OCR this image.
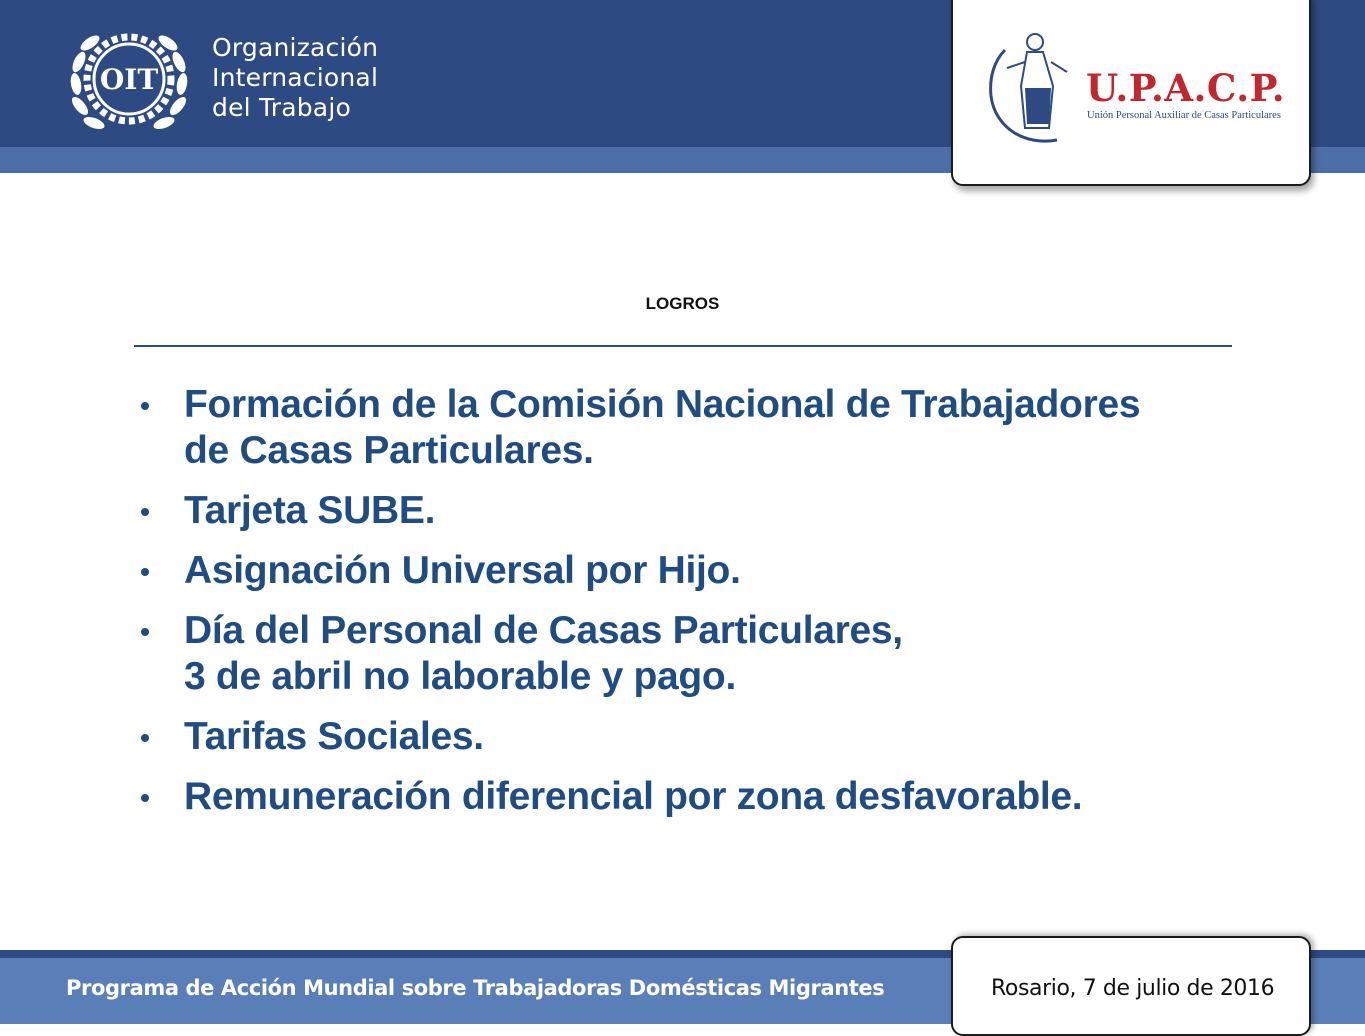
OIT
Organización
Internacional
del Trabajo	U.P.A.C.P.
Unión Personal Auxiliar de Casas Particulares
LOGROS
Formación de la Comisión Nacional de Trabajadores
de Casas Particulares.
Tarjeta SUBE.
Asignación Universal por Hijo.
Día del Personal de Casas Particulares,
3 de abril no laborable y pago.
Tarifas Sociales.
Remuneración diferencial por zona desfavorable.
Programa de Acción Mundial sobre Trabajadoras Domésticas Migrantes	Rosario, 7 de julio de 2016
